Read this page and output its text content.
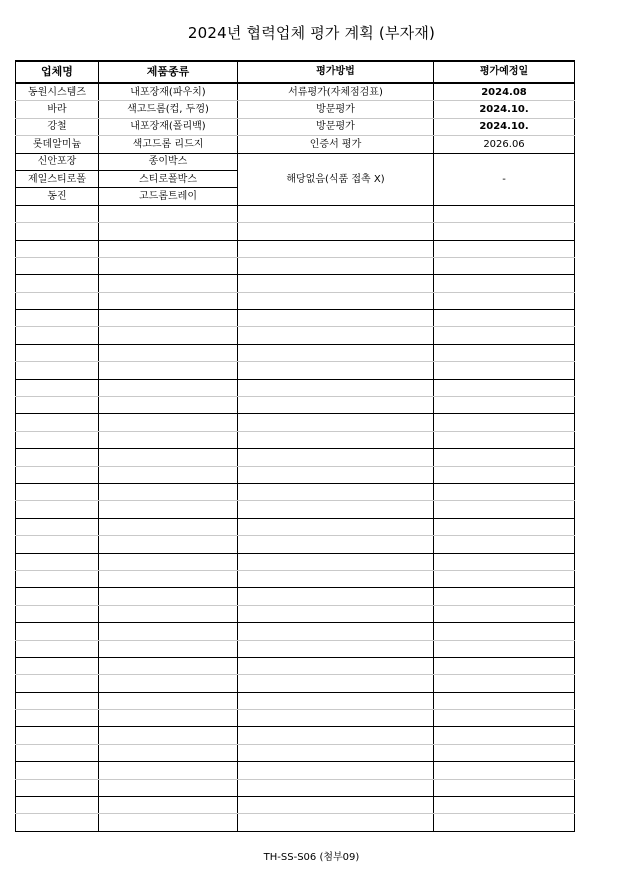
2024년 협력업체 평가 계획 (부자재)
업체명	제품종류	평가방법	평가예정일
동원시스템즈	내포장재(파우치)	서류평가(자체점검표)	2024.08
바라	색고드롬(컵, 두껑)	방문평가	2024.10.
강철	내포장재(폴리백)	방문평가	2024.10.
롯데알미늄	색고드롬 리드지	인증서 평가	2026.06
신안포장	종이박스	해당없음(식품 접촉 X)	-
제일스티로폴	스티로폴박스		
동진	고드롬트레이		

TH-SS-S06 (첨부09)
